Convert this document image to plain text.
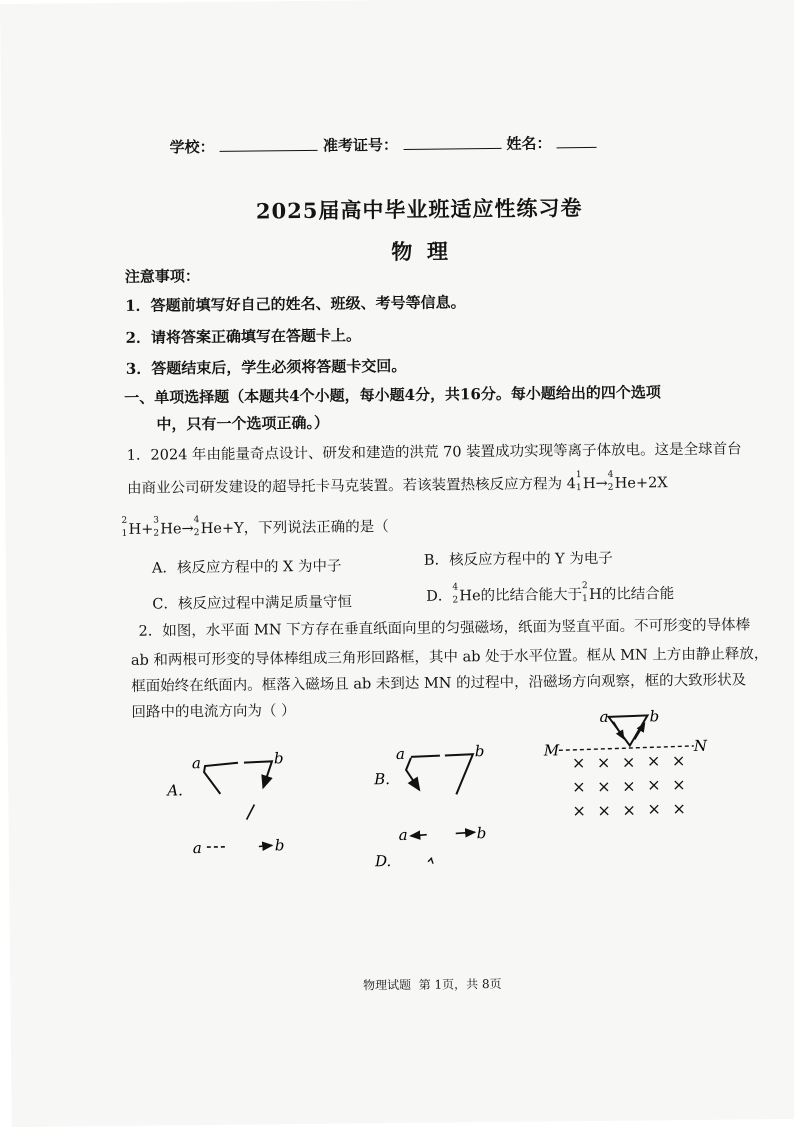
学校：	准考证号：	姓名：
2025届高中毕业班适应性练习卷
物  理
注意事项：
1．答题前填写好自己的姓名、班级、考号等信息。
2．请将答案正确填写在答题卡上。
3．答题结束后，学生必须将答题卡交回。
一、单项选择题（本题共4个小题，每小题4分，共16分。每小题给出的四个选项
中，只有一个选项正确。）
1．2024 年由能量奇点设计、研发和建造的洪荒 70 装置成功实现等离子体放电。这是全球首台
由商业公司研发建设的超导托卡马克装置。若该装置热核反应方程为 4
1
1 H→
4
2 He+2X
2
1 H+
3
2 He→
4
2 He+Y，下列说法正确的是（
A．核反应方程中的 X 为中子	B．核反应方程中的 Y 为电子
C．核反应过程中满足质量守恒	D．
4
2 He的比结合能大于
2
1 H的比结合能
2．如图，水平面 MN 下方存在垂直纸面向里的匀强磁场，纸面为竖直平面。不可形变的导体棒
ab 和两根可形变的导体棒组成三角形回路框，其中 ab 处于水平位置。框从 MN 上方由静止释放，
框面始终在纸面内。框落入磁场且 ab 未到达 MN 的过程中，沿磁场方向观察，框的大致形状及
回路中的电流方向为（ ）
A.
a	b
a	b
B.
a	b
D.
a	b
a	b
M	N
× × × × ×
× × × × ×
× × × × ×
物理试题  第 1页，共 8页
